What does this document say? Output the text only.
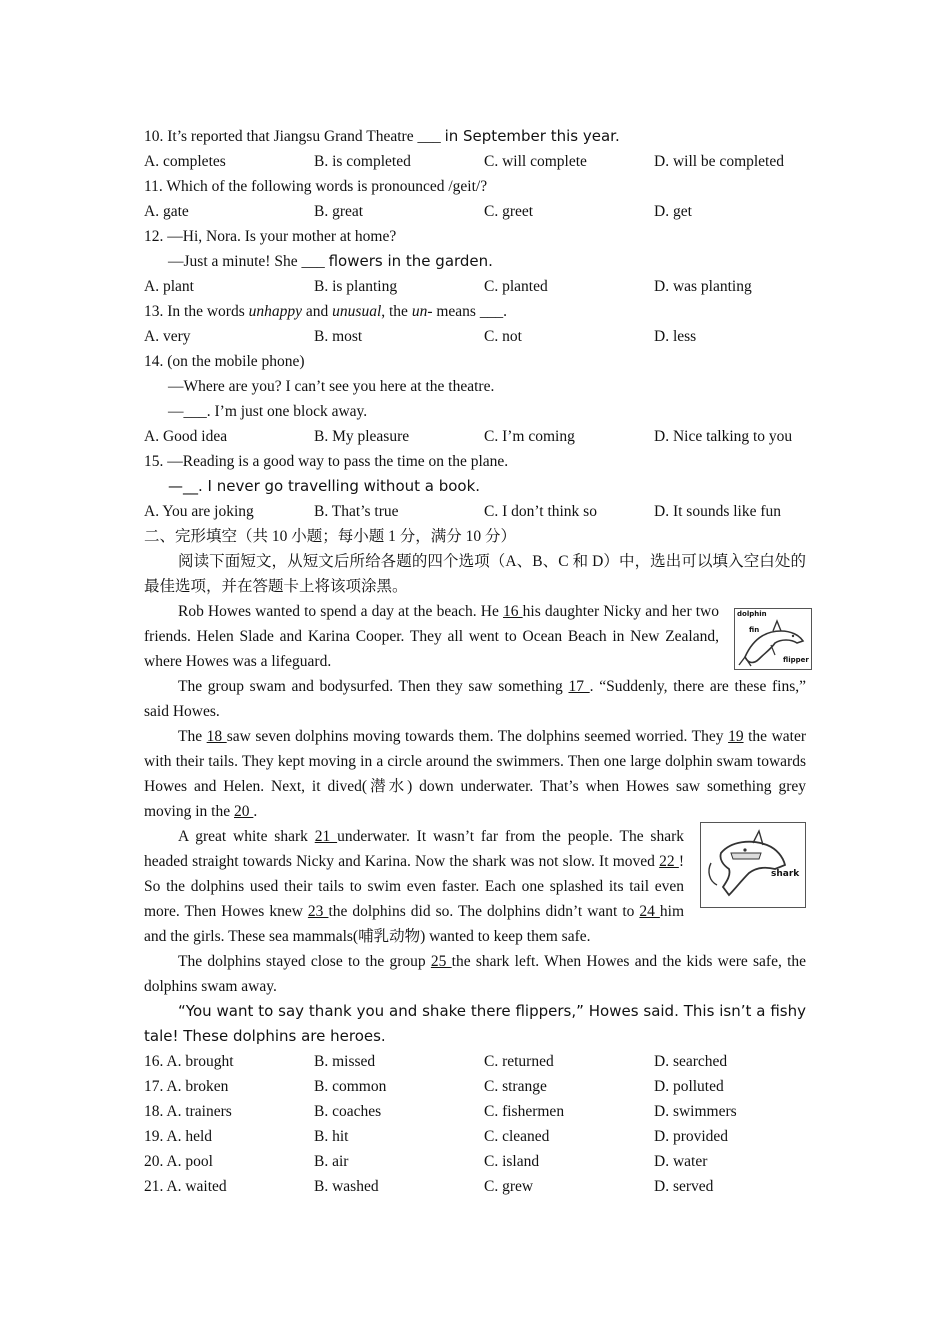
10. It’s reported that Jiangsu Grand Theatre ___ in September this year.
A. completes	B. is completed	C. will complete	D. will be completed
11. Which of the following words is pronounced /geit/?
A. gate	B. great	C. greet	D. get
12. —Hi, Nora. Is your mother at home?
—Just a minute! She ___ flowers in the garden.
A. plant	B. is planting	C. planted	D. was planting
13. In the words unhappy and unusual, the un- means ___.
A. very	B. most	C. not	D. less
14. (on the mobile phone)
—Where are you? I can’t see you here at the theatre.
—___. I’m just one block away.
A. Good idea	B. My pleasure	C. I’m coming	D. Nice talking to you
15. —Reading is a good way to pass the time on the plane.
—__. I never go travelling without a book.
A. You are joking	B. That’s true	C. I don’t think so	D. It sounds like fun
二、完形填空（共 10 小题；每小题 1 分，满分 10 分）
阅读下面短文，从短文后所给各题的四个选项（A、B、C 和 D）中，选出可以填入空白处的最佳选项，并在答题卡上将该项涂黑。
Rob Howes wanted to spend a day at the beach. He 16 his daughter Nicky and her two friends. Helen Slade and Karina Cooper. They all went to Ocean Beach in New Zealand, where Howes was a lifeguard.
The group swam and bodysurfed. Then they saw something 17 . “Suddenly, there are these fins,” said Howes.
The 18 saw seven dolphins moving towards them. The dolphins seemed worried. They 19 the water with their tails. They kept moving in a circle around the swimmers. Then one large dolphin swam towards Howes and Helen. Next, it dived(潜水) down underwater. That’s when Howes saw something grey moving in the 20 .
A great white shark 21 underwater. It wasn’t far from the people. The shark headed straight towards Nicky and Karina. Now the shark was not slow. It moved 22 ! So the dolphins used their tails to swim even faster. Each one splashed its tail even more. Then Howes knew 23 the dolphins did so. The dolphins didn’t want to 24 him and the girls. These sea mammals(哺乳动物) wanted to keep them safe.
The dolphins stayed close to the group 25 the shark left. When Howes and the kids were safe, the dolphins swam away.
“You want to say thank you and shake there flippers,” Howes said. This isn’t a fishy tale! These dolphins are heroes.
16. A. brought	B. missed	C. returned	D. searched
17. A. broken	B. common	C. strange	D. polluted
18. A. trainers	B. coaches	C. fishermen	D. swimmers
19. A. held	B. hit	C. cleaned	D. provided
20. A. pool	B. air	C. island	D. water
21. A. waited	B. washed	C. grew	D. served
dolphin
fin
flipper
shark
